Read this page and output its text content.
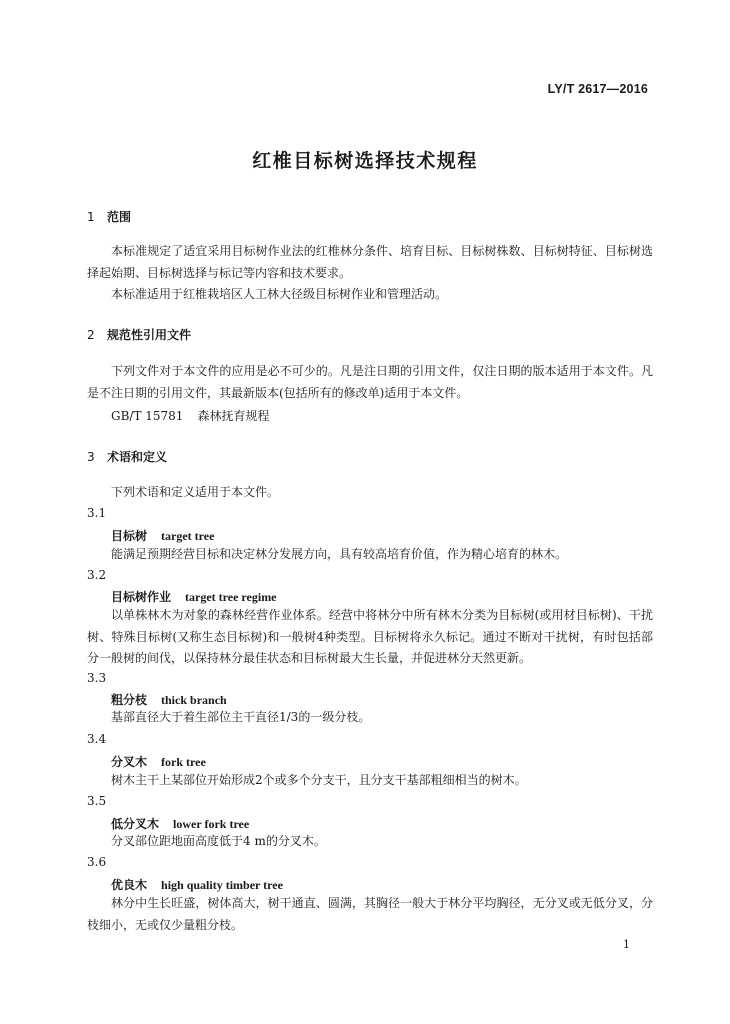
LY/T 2617—2016
红椎目标树选择技术规程
1 范围
本标准规定了适宜采用目标树作业法的红椎林分条件、培育目标、目标树株数、目标树特征、目标树选择起始期、目标树选择与标记等内容和技术要求。
本标准适用于红椎栽培区人工林大径级目标树作业和管理活动。
2 规范性引用文件
下列文件对于本文件的应用是必不可少的。凡是注日期的引用文件，仅注日期的版本适用于本文件。凡是不注日期的引用文件，其最新版本(包括所有的修改单)适用于本文件。
GB/T 15781 森林抚育规程
3 术语和定义
下列术语和定义适用于本文件。
3.1
目标树 target tree
能满足预期经营目标和决定林分发展方向，具有较高培育价值，作为精心培育的林木。
3.2
目标树作业 target tree regime
以单株林木为对象的森林经营作业体系。经营中将林分中所有林木分类为目标树(或用材目标树)、干扰树、特殊目标树(又称生态目标树)和一般树4种类型。目标树将永久标记。通过不断对干扰树，有时包括部分一般树的间伐，以保持林分最佳状态和目标树最大生长量，并促进林分天然更新。
3.3
粗分枝 thick branch
基部直径大于着生部位主干直径1/3的一级分枝。
3.4
分叉木 fork tree
树木主干上某部位开始形成2个或多个分支干，且分支干基部粗细相当的树木。
3.5
低分叉木 lower fork tree
分叉部位距地面高度低于4 m的分叉木。
3.6
优良木 high quality timber tree
林分中生长旺盛，树体高大，树干通直、圆满，其胸径一般大于林分平均胸径，无分叉或无低分叉，分枝细小，无或仅少量粗分枝。
1
